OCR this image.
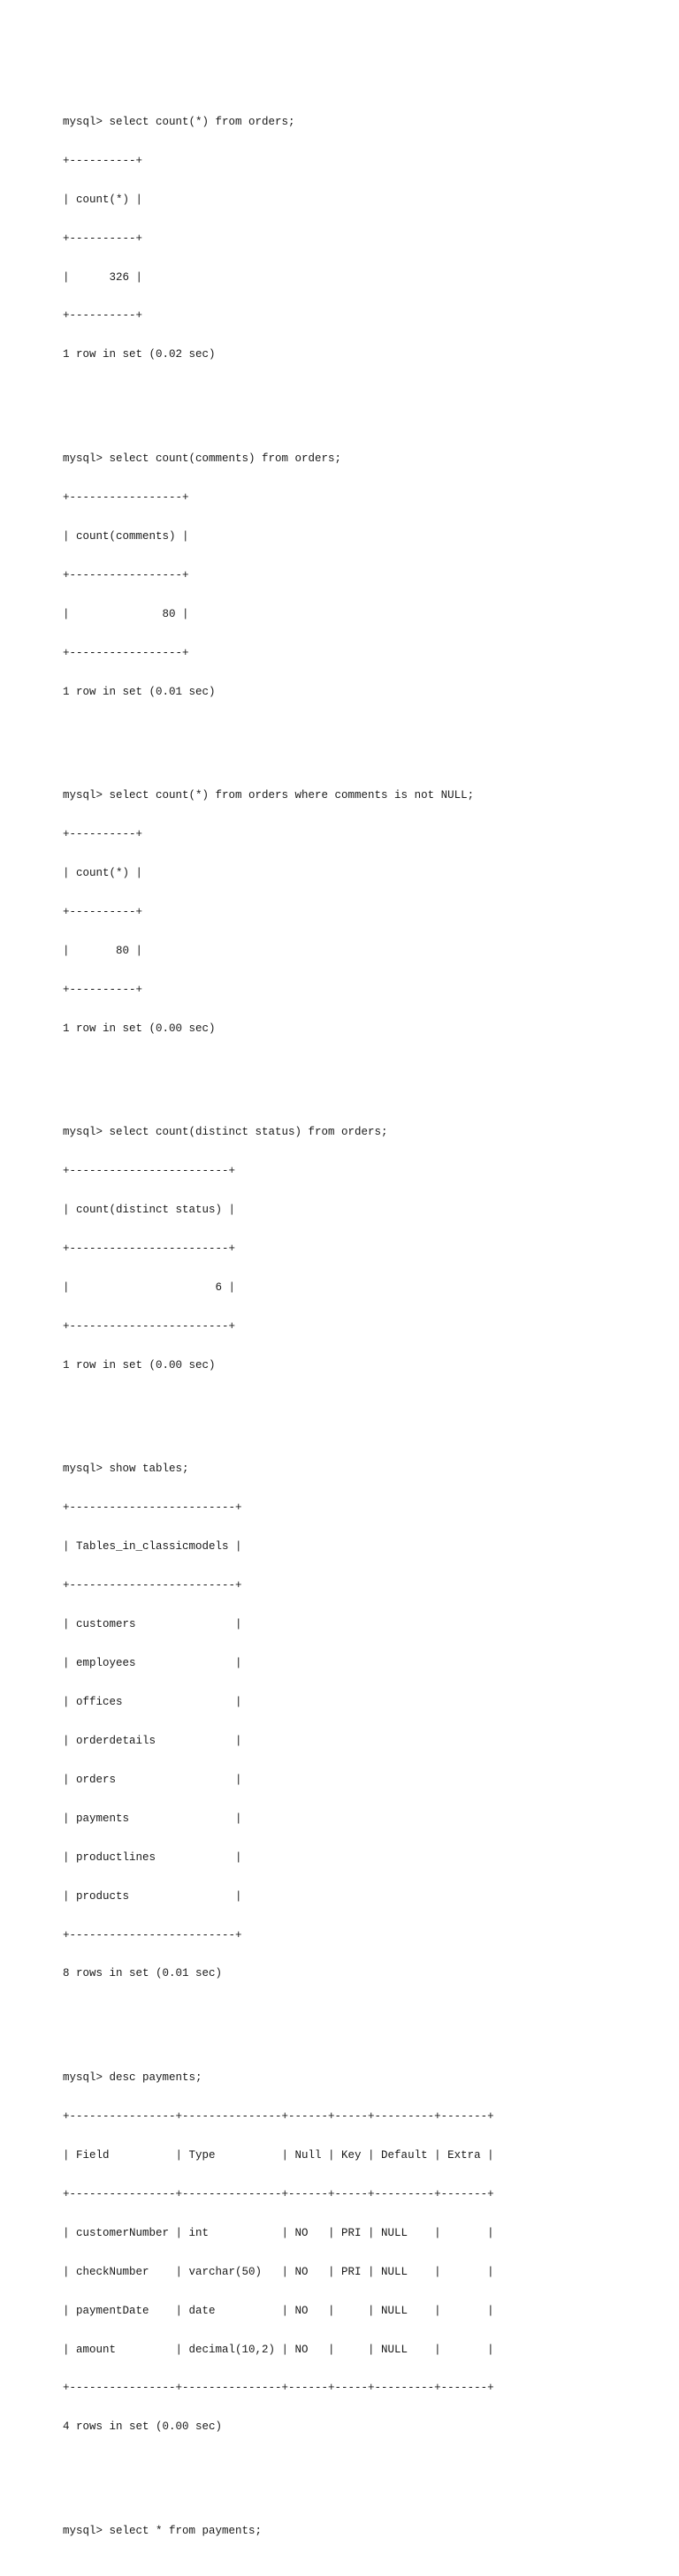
mysql> select count(*) from orders;

+----------+

| count(*) |

+----------+

|      326 |

+----------+

1 row in set (0.02 sec)

mysql> select count(comments) from orders;

+-----------------+

| count(comments) |

+-----------------+

|              80 |

+-----------------+

1 row in set (0.01 sec)

mysql> select count(*) from orders where comments is not NULL;

+----------+

| count(*) |

+----------+

|       80 |

+----------+

1 row in set (0.00 sec)

mysql> select count(distinct status) from orders;

+------------------------+

| count(distinct status) |

+------------------------+

|                      6 |

+------------------------+

1 row in set (0.00 sec)

mysql> show tables;

+-------------------------+

| Tables_in_classicmodels |

+-------------------------+

| customers               |

| employees               |

| offices                 |

| orderdetails            |

| orders                  |

| payments                |

| productlines            |

| products                |

+-------------------------+

8 rows in set (0.01 sec)

mysql> desc payments;

+----------------+---------------+------+-----+---------+-------+

| Field          | Type          | Null | Key | Default | Extra |

+----------------+---------------+------+-----+---------+-------+

| customerNumber | int           | NO   | PRI | NULL    |       |

| checkNumber    | varchar(50)   | NO   | PRI | NULL    |       |

| paymentDate    | date          | NO   |     | NULL    |       |

| amount         | decimal(10,2) | NO   |     | NULL    |       |

+----------------+---------------+------+-----+---------+-------+

4 rows in set (0.00 sec)

mysql> select * from payments;
